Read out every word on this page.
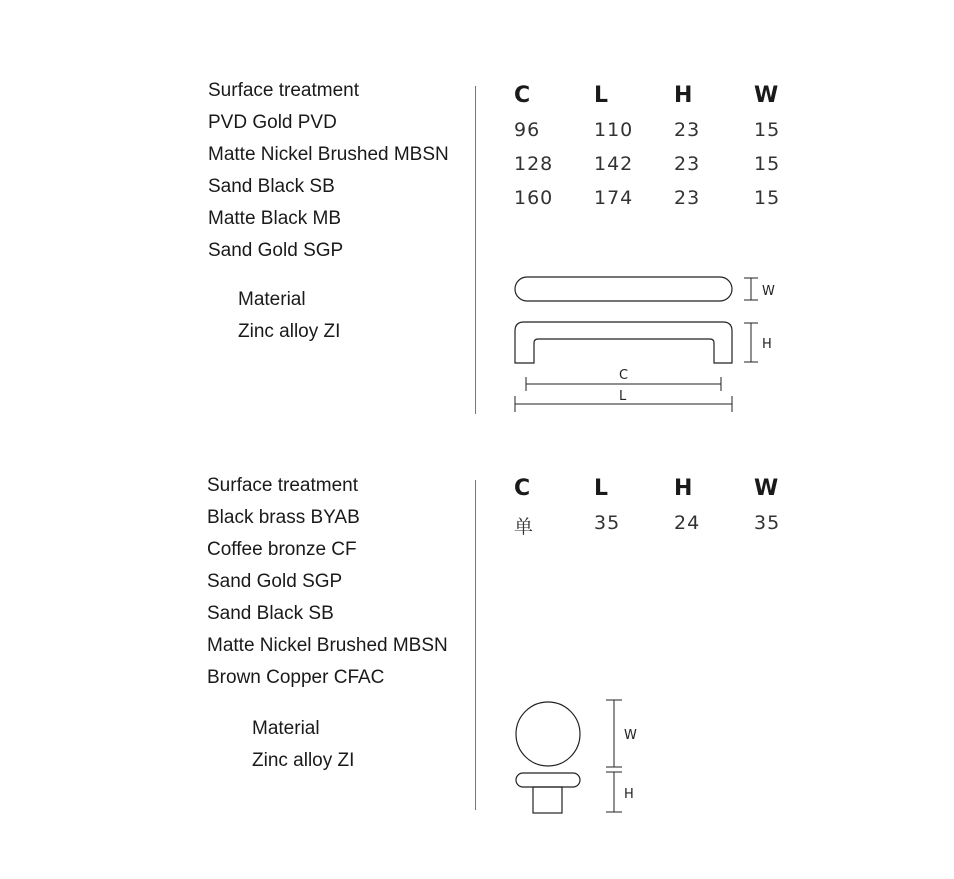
Surface treatment
PVD Gold PVD
Matte Nickel Brushed MBSN
Sand Black SB
Matte Black MB
Sand Gold SGP
Material
Zinc alloy ZI
C	L	H	W
96	110	23	15
128	142	23	15
160	174	23	15
W
H
C
L
Surface treatment
Black brass BYAB
Coffee bronze CF
Sand Gold SGP
Sand Black SB
Matte Nickel Brushed MBSN
Brown Copper CFAC
Material
Zinc alloy ZI
C	L	H	W
单	35	24	35
W
H
